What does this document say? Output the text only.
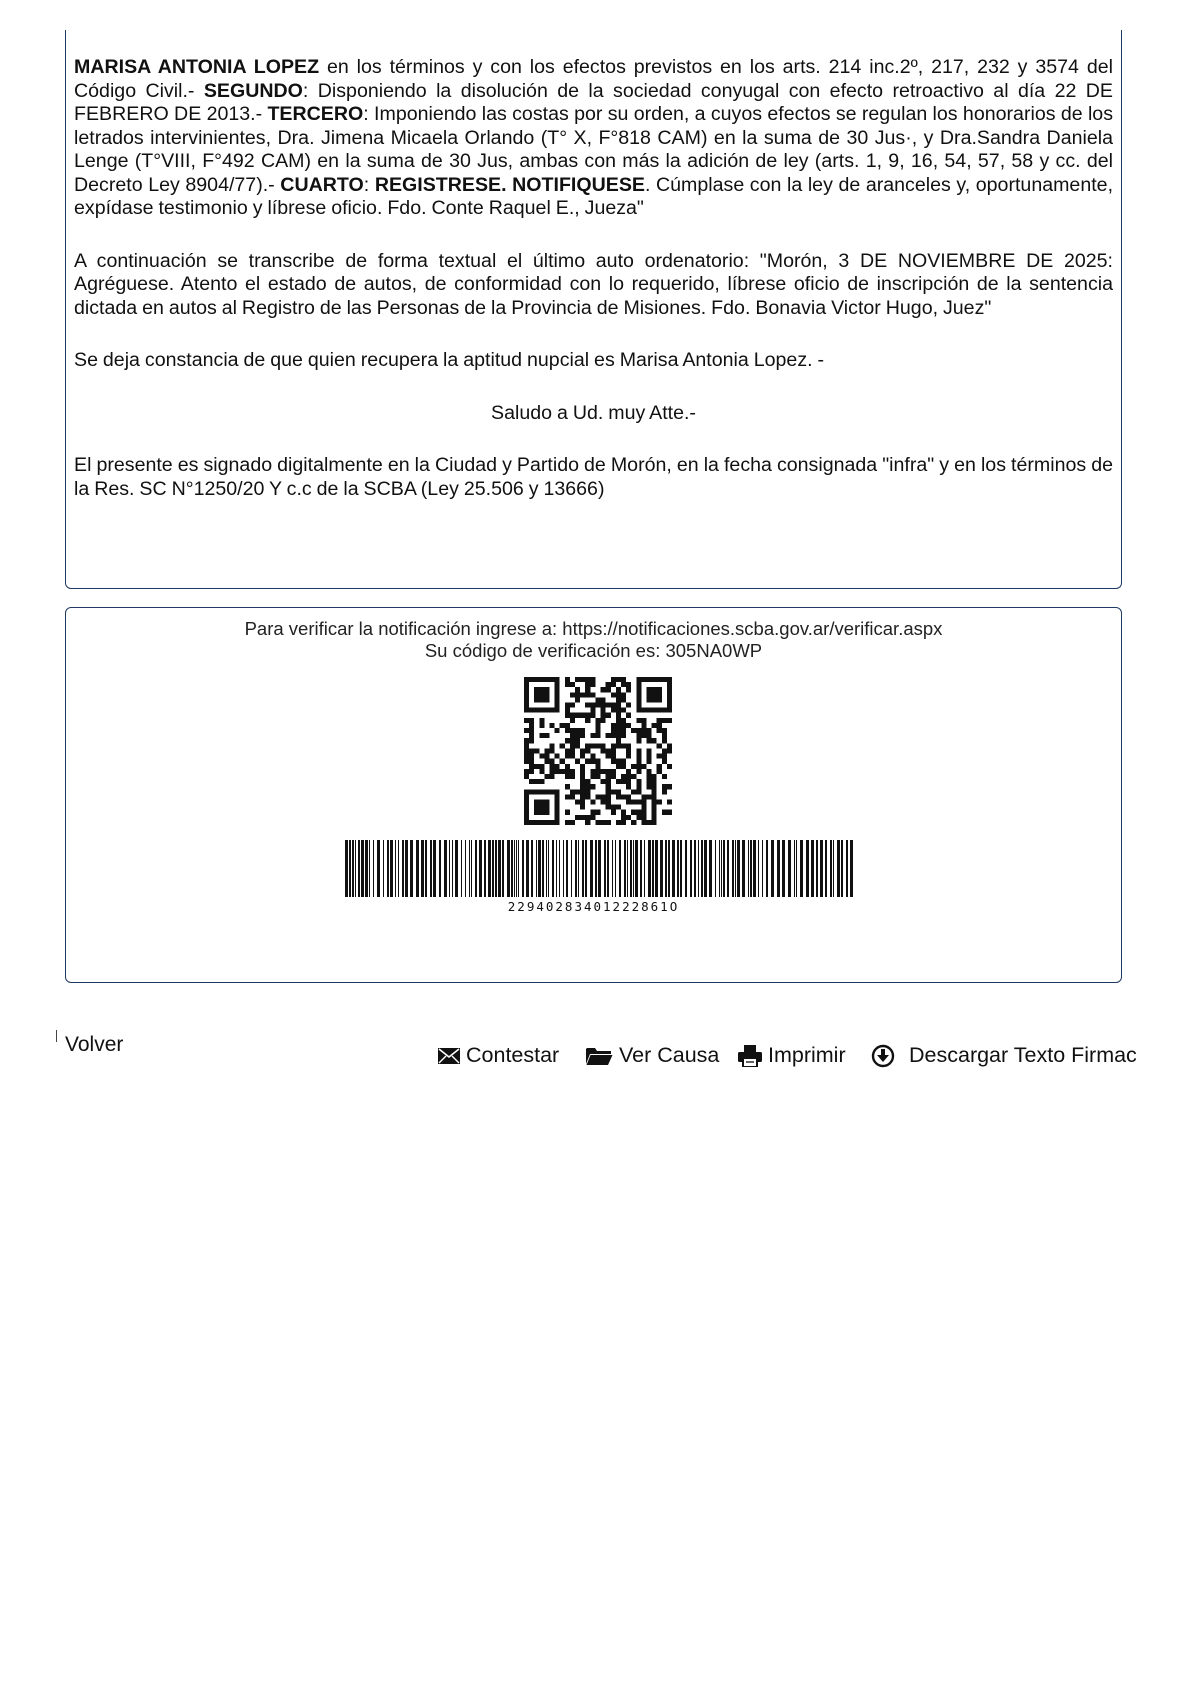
MARISA ANTONIA LOPEZ en los términos y con los efectos previstos en los arts. 214 inc.2º, 217, 232 y 3574 del Código Civil.- SEGUNDO: Disponiendo la disolución de la sociedad conyugal con efecto retroactivo al día 22 DE FEBRERO DE 2013.- TERCERO: Imponiendo las costas por su orden, a cuyos efectos se regulan los honorarios de los letrados intervinientes, Dra. Jimena Micaela Orlando (T° X, F°818 CAM) en la suma de 30 Jus·, y Dra.Sandra Daniela Lenge (T°VIII, F°492 CAM) en la suma de 30 Jus, ambas con más la adición de ley (arts. 1, 9, 16, 54, 57, 58 y cc. del Decreto Ley 8904/77).- CUARTO: REGISTRESE. NOTIFIQUESE. Cúmplase con la ley de aranceles y, oportunamente, expídase testimonio y líbrese oficio. Fdo. Conte Raquel E., Jueza"

A continuación se transcribe de forma textual el último auto ordenatorio: "Morón, 3 DE NOVIEMBRE DE 2025: Agréguese. Atento el estado de autos, de conformidad con lo requerido, líbrese oficio de inscripción de la sentencia dictada en autos al Registro de las Personas de la Provincia de Misiones. Fdo. Bonavia Victor Hugo, Juez"

Se deja constancia de que quien recupera la aptitud nupcial es Marisa Antonia Lopez. -

Saludo a Ud. muy Atte.-

El presente es signado digitalmente en la Ciudad y Partido de Morón, en la fecha consignada "infra" y en los términos de la Res. SC N°1250/20 Y c.c de la SCBA (Ley 25.506 y 13666)

Para verificar la notificación ingrese a: https://notificaciones.scba.gov.ar/verificar.aspx
Su código de verificación es: 305NA0WP
22940283401222861O
Volver	Contestar	Ver Causa Imprimir	Descargar Texto Firmac
